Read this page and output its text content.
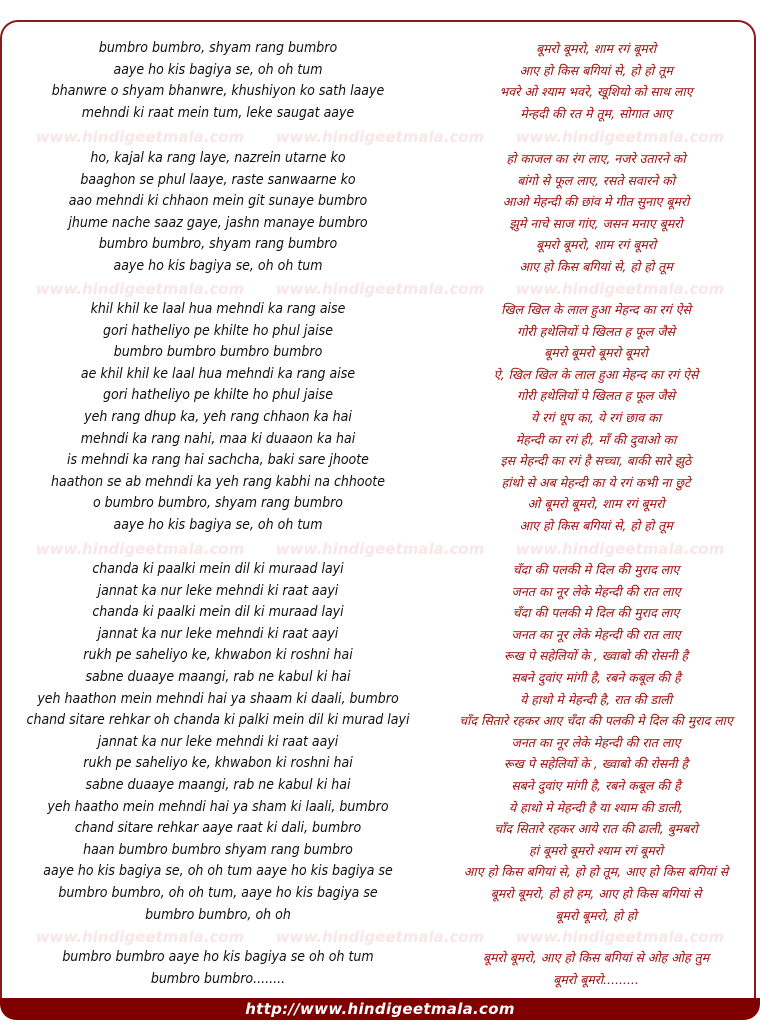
www.hindigeetmala.com www.hindigeetmala.com www.hindigeetmala.com
www.hindigeetmala.com www.hindigeetmala.com www.hindigeetmala.com
www.hindigeetmala.com www.hindigeetmala.com www.hindigeetmala.com
www.hindigeetmala.com www.hindigeetmala.com www.hindigeetmala.com
bumbro bumbro, shyam rang bumbro	बूमरो बूमरो, शाम रगं बूमरो
aaye ho kis bagiya se, oh oh tum	आए हो किस बगियां से, हो हो तूम
bhanwre o shyam bhanwre, khushiyon ko sath laaye	भवरे ओ श्याम भवरे, खूशियो को साथ लाए
mehndi ki raat mein tum, leke saugat aaye	मेन्हदी की रत मे तूम, सोगात आए
ho, kajal ka rang laye, nazrein utarne ko	हो काजल का रंग लाए, नजरे उतारने को
baaghon se phul laaye, raste sanwaarne ko	बांगो से फूल लाए, रसते सवारने को
aao mehndi ki chhaon mein git sunaye bumbro	आओ मेहन्दी की छांव मे गीत सुनाए बूमरो
jhume nache saaz gaye, jashn manaye bumbro	झुमे नाचे साज गांए, जसन मनाए बूमरो
bumbro bumbro, shyam rang bumbro	बूमरो बूमरो, शाम रगं बूमरो
aaye ho kis bagiya se, oh oh tum	आए हो किस बगियां से, हो हो तूम
khil khil ke laal hua mehndi ka rang aise	खिल खिल के लाल हुआ मेहन्द का रगं ऐसे
gori hatheliyo pe khilte ho phul jaise	गोरी हथेलियों पे खिलत ह फूल जैसे
bumbro bumbro bumbro bumbro	बूमरो बूमरो बूमरो बूमरो
ae khil khil ke laal hua mehndi ka rang aise	ऐ, खिल खिल के लाल हुआ मेहन्द का रगं ऐसे
gori hatheliyo pe khilte ho phul jaise	गोरी हथेलियों पे खिलत ह फूल जैसे
yeh rang dhup ka, yeh rang chhaon ka hai	ये रगं धूप का, ये रगं छाव का
mehndi ka rang nahi, maa ki duaaon ka hai	मेहन्दी का रगं ही, माँ की दुवाओ का
is mehndi ka rang hai sachcha, baki sare jhoote	इस मेहन्दी का रगं है सच्चा, बाकी सारे झुठे
haathon se ab mehndi ka yeh rang kabhi na chhoote	हांथो से अब मेहन्दी का ये रगं कभी ना छुटे
o bumbro bumbro, shyam rang bumbro	ओ बूमरो बूमरो, शाम रगं बूमरो
aaye ho kis bagiya se, oh oh tum	आए हो किस बगियां से, हो हो तूम
chanda ki paalki mein dil ki muraad layi	चँदा की पलकी मे दिल की मुराद लाए
jannat ka nur leke mehndi ki raat aayi	जनत का नूर लेके मेहन्दी की रात लाए
chanda ki paalki mein dil ki muraad layi	चँदा की पलकी मे दिल की मुराद लाए
jannat ka nur leke mehndi ki raat aayi	जनत का नूर लेके मेहन्दी की रात लाए
rukh pe saheliyo ke, khwabon ki roshni hai	रूख पे सहेलियों के , ख्वाबो की रोसनी है
sabne duaaye maangi, rab ne kabul ki hai	सबने दुवांए मांगी है, रबने कबूल की है
yeh haathon mein mehndi hai ya shaam ki daali, bumbro	ये हाथो मे मेहन्दी है, रात की डाली
chand sitare rehkar oh chanda ki palki mein dil ki murad layi	चाँद सितारे रहकर आए चँदा की पलकी मे दिल की मुराद लाए
jannat ka nur leke mehndi ki raat aayi	जनत का नूर लेके मेहन्दी की रात लाए
rukh pe saheliyo ke, khwabon ki roshni hai	रूख पे सहेलियों के , ख्वाबो की रोसनी है
sabne duaaye maangi, rab ne kabul ki hai	सबने दुवांए मांगी है, रबने कबूल की है
yeh haatho mein mehndi hai ya sham ki laali, bumbro	ये हाथो मे मेहन्दी है या श्याम की डाली,
chand sitare rehkar aaye raat ki dali, bumbro	चाँद सितारे रहकर आये रात की ढाली, बुमबरो
haan bumbro bumbro shyam rang bumbro	हां बूमरो बूमरो श्याम रगं बूमरो
aaye ho kis bagiya se, oh oh tum aaye ho kis bagiya se	आए हो किस बगियां से, हो हो तूम, आए हो किस बगियां से
bumbro bumbro, oh oh tum, aaye ho kis bagiya se	बूमरो बूमरो, हो हो हम, आए हो किस बगियां से
bumbro bumbro, oh oh	बूमरो बूमरो, हो हो
bumbro bumbro aaye ho kis bagiya se oh oh tum	बूमरो बूमरो, आए हो किस बगियां से ओह ओह तुम
bumbro bumbro........	बूमरो बूमरो.........
http://www.hindigeetmala.com
